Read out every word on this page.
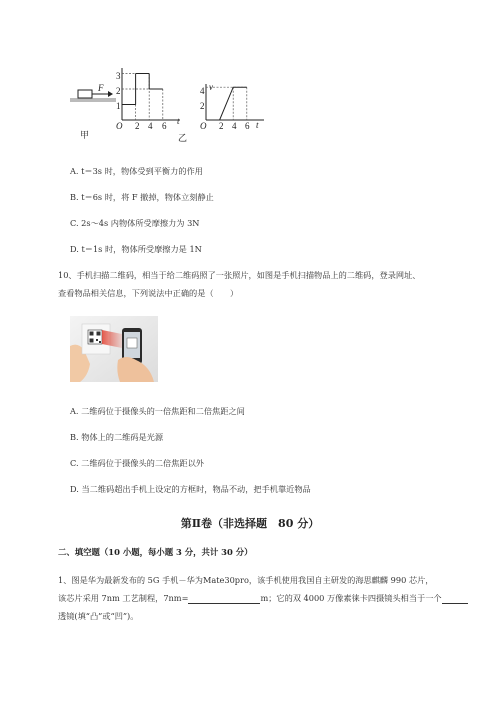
F
甲
3
2
1
O 2 4 6 t
乙
v
4
2
O 2 4 6 t
A. t＝3s 时，物体受到平衡力的作用
B. t＝6s 时，将 F 撤掉，物体立刻静止
C. 2s～4s 内物体所受摩擦力为 3N
D. t＝1s 时，物体所受摩擦力是 1N
10、手机扫描二维码，相当于给二维码照了一张照片，如图是手机扫描物品上的二维码，登录网址、
查看物品相关信息，下列说法中正确的是（　　）
A. 二维码位于摄像头的一倍焦距和二倍焦距之间
B. 物体上的二维码是光源
C. 二维码位于摄像头的二倍焦距以外
D. 当二维码超出手机上设定的方框时，物品不动，把手机靠近物品
第Ⅱ卷（非选择题　80 分）
二、填空题（10 小题，每小题 3 分，共计 30 分）
1、图是华为最新发布的 5G 手机－华为Mate30pro，该手机使用我国自主研发的海思麒麟 990 芯片，
该芯片采用 7nm 工艺制程，7nm=	m；它的双 4000 万像素徕卡四摄镜头相当于一个
透镜(填“凸”或“凹”)。
